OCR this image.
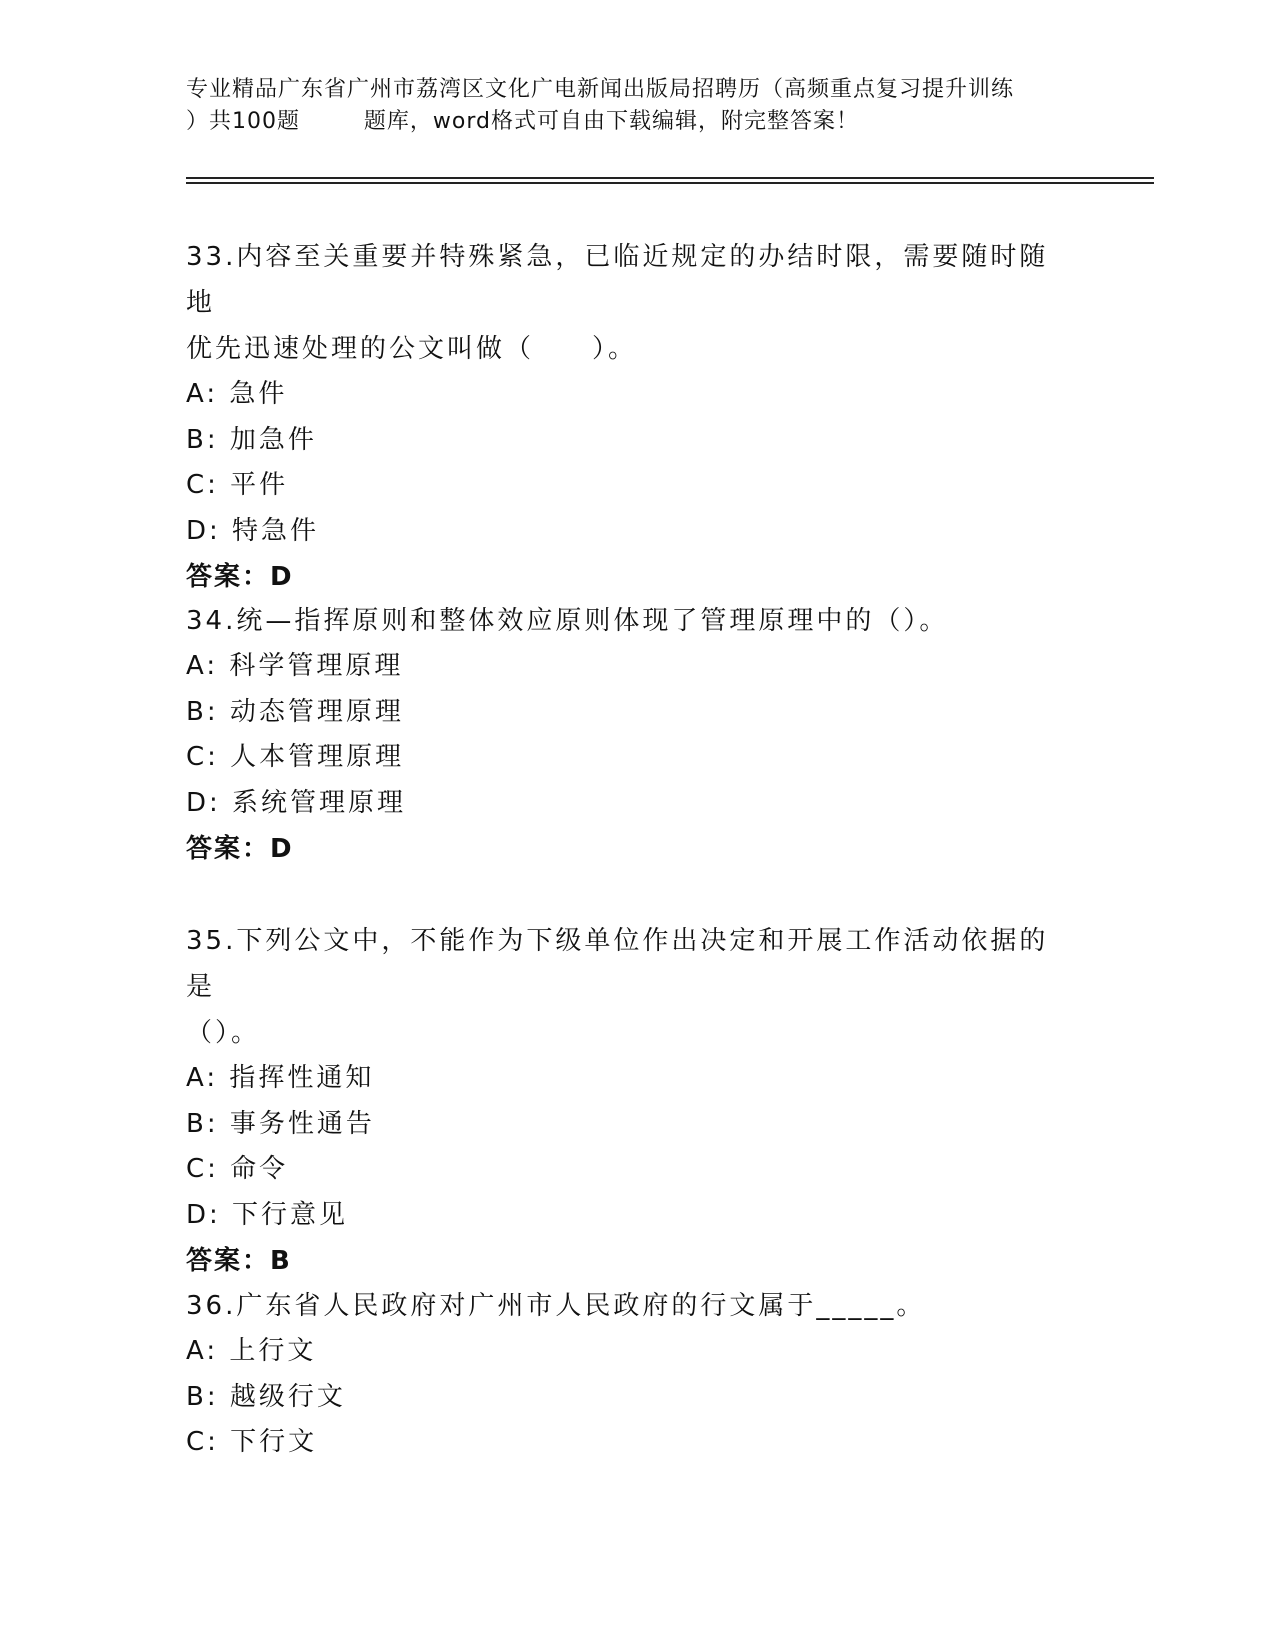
专业精品广东省广州市荔湾区文化广电新闻出版局招聘历（高频重点复习提升训练
）共100题        题库，word格式可自由下载编辑，附完整答案！

33.内容至关重要并特殊紧急，已临近规定的办结时限，需要随时随地

优先迅速处理的公文叫做（　　）。

A: 急件

B: 加急件

C: 平件

D: 特急件

答案：D

34.统—指挥原则和整体效应原则体现了管理原理中的（）。

A: 科学管理原理

B: 动态管理原理

C: 人本管理原理

D: 系统管理原理

答案：D

35.下列公文中，不能作为下级单位作出决定和开展工作活动依据的是

（）。

A: 指挥性通知

B: 事务性通告

C: 命令

D: 下行意见

答案：B

36.广东省人民政府对广州市人民政府的行文属于_____。

A: 上行文

B: 越级行文

C: 下行文
